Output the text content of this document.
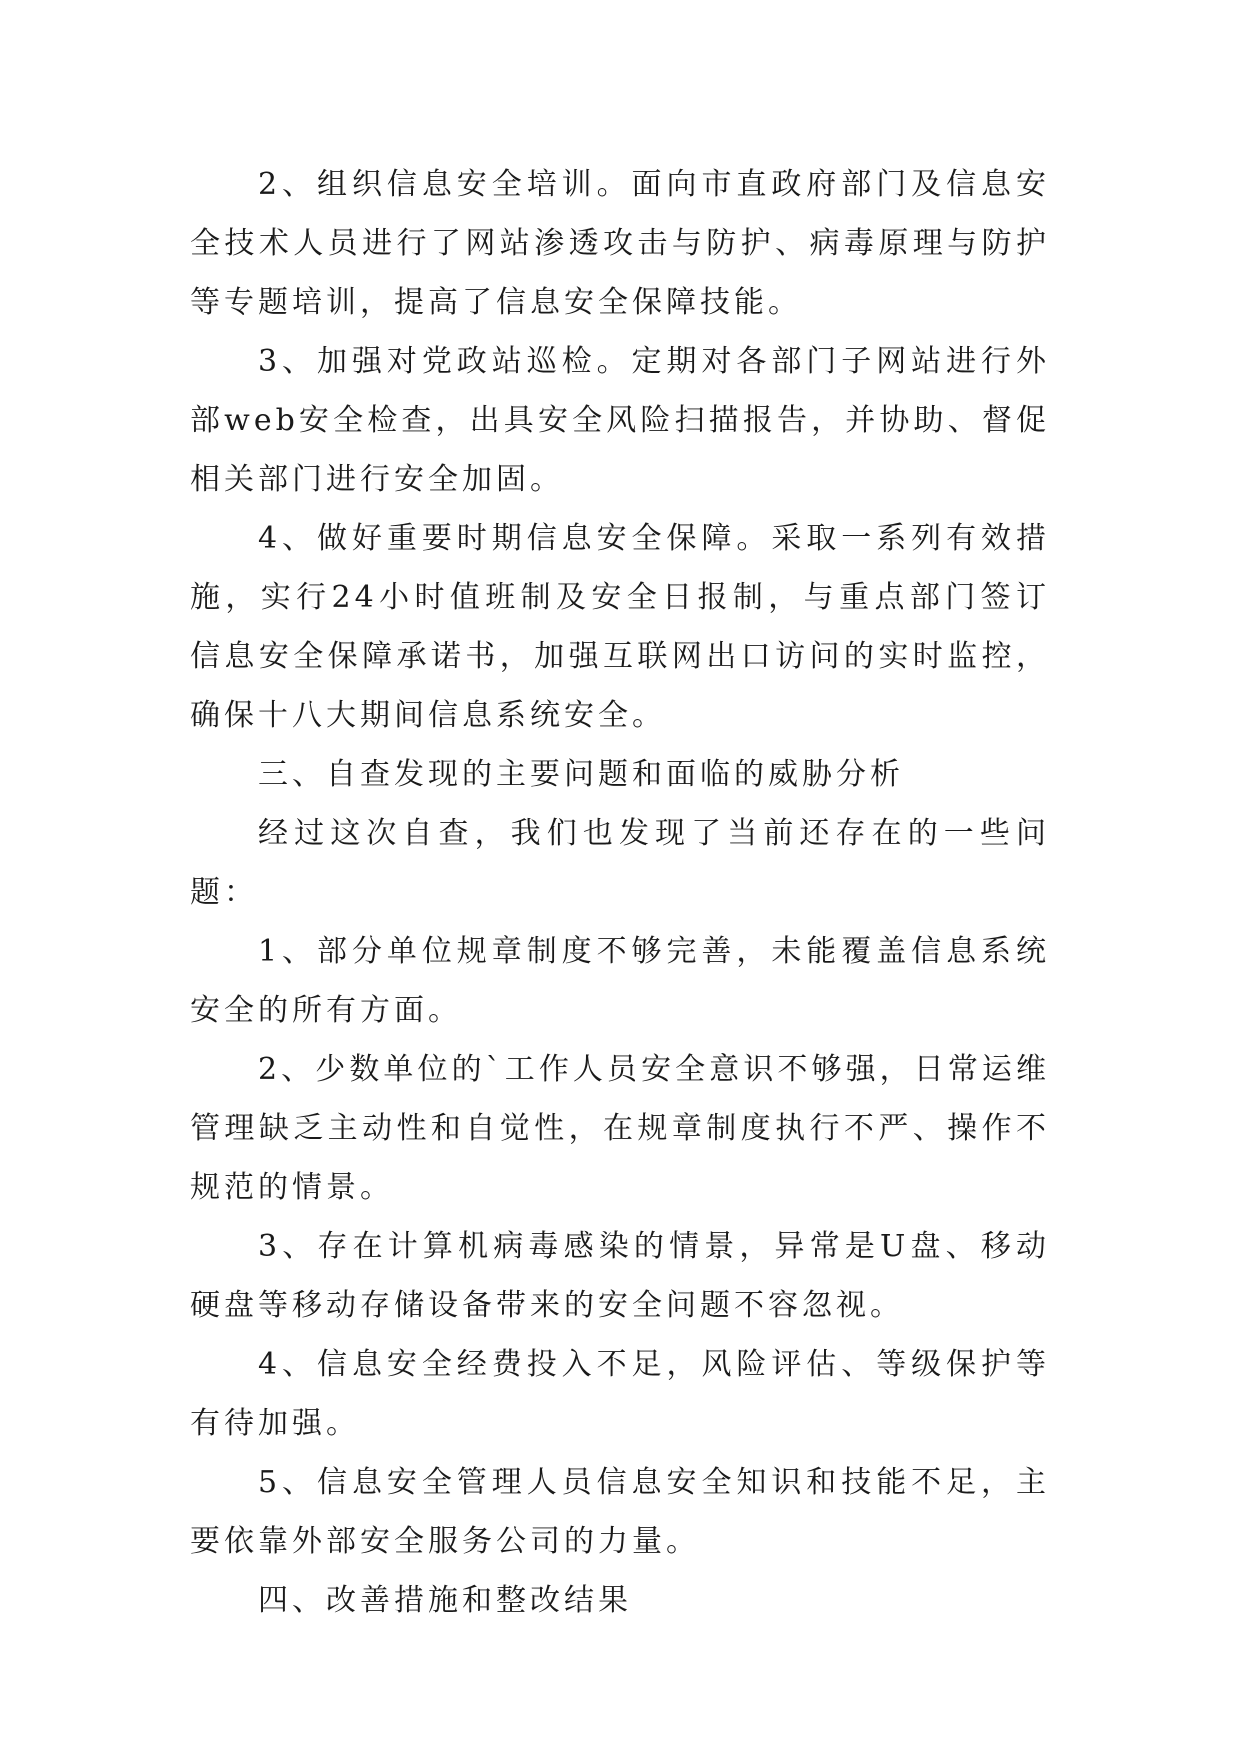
2、组织信息安全培训。面向市直政府部门及信息安全技术人员进行了网站渗透攻击与防护、病毒原理与防护等专题培训，提高了信息安全保障技能。

3、加强对党政站巡检。定期对各部门子网站进行外部web安全检查，出具安全风险扫描报告，并协助、督促相关部门进行安全加固。

4、做好重要时期信息安全保障。采取一系列有效措施，实行24小时值班制及安全日报制，与重点部门签订信息安全保障承诺书，加强互联网出口访问的实时监控，确保十八大期间信息系统安全。

三、自查发现的主要问题和面临的威胁分析

经过这次自查，我们也发现了当前还存在的一些问题：

1、部分单位规章制度不够完善，未能覆盖信息系统安全的所有方面。

2、少数单位的`工作人员安全意识不够强，日常运维管理缺乏主动性和自觉性，在规章制度执行不严、操作不规范的情景。

3、存在计算机病毒感染的情景，异常是U盘、移动硬盘等移动存储设备带来的安全问题不容忽视。

4、信息安全经费投入不足，风险评估、等级保护等有待加强。

5、信息安全管理人员信息安全知识和技能不足，主要依靠外部安全服务公司的力量。

四、改善措施和整改结果
